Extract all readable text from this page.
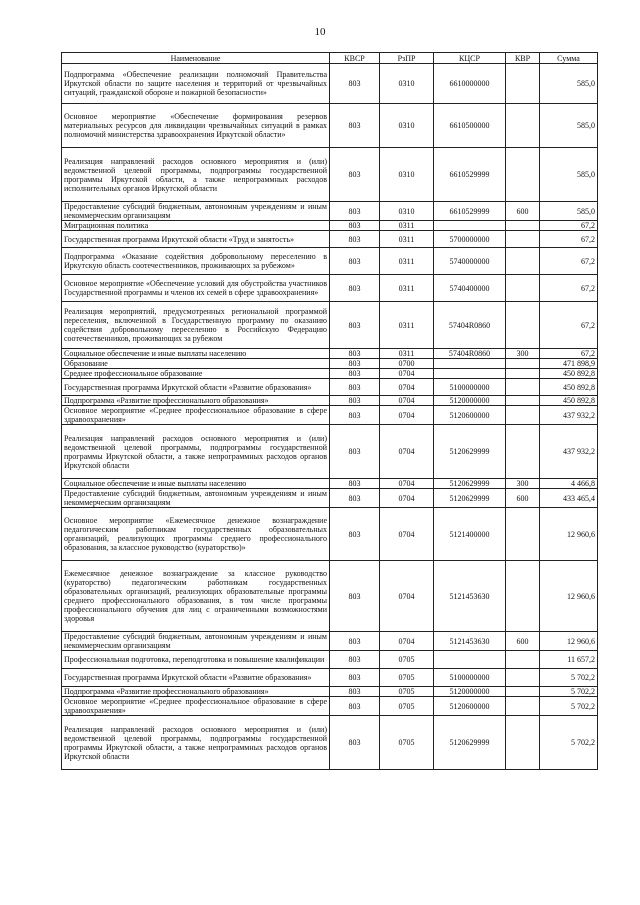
10
Наименование	КВСР	РзПР	КЦСР	КВР	Сумма
Подпрограмма «Обеспечение реализации полномочий Правительства Иркутской области по защите населения и территорий от чрезвычайных ситуаций, гражданской обороне и пожарной безопасности»	803	0310	6610000000		585,0
Основное мероприятие «Обеспечение формирования резервов материальных ресурсов для ликвидации чрезвычайных ситуаций в рамках полномочий министерства здравоохранения Иркутской области»	803	0310	6610500000		585,0
Реализация направлений расходов основного мероприятия и (или) ведомственной целевой программы, подпрограммы государственной программы Иркутской области, а также непрограммных расходов исполнительных органов Иркутской области	803	0310	6610529999		585,0
Предоставление субсидий бюджетным, автономным учреждениям и иным некоммерческим организациям	803	0310	6610529999	600	585,0
Миграционная политика	803	0311			67,2
Государственная программа Иркутской области «Труд и занятость»	803	0311	5700000000		67,2
Подпрограмма «Оказание содействия добровольному переселению в Иркутскую область соотечественников, проживающих за рубежом»	803	0311	5740000000		67,2
Основное мероприятие «Обеспечение условий для обустройства участников Государственной программы и членов их семей в сфере здравоохранения»	803	0311	5740400000		67,2
Реализация мероприятий, предусмотренных региональной программой переселения, включенной в Государственную программу по оказанию содействия добровольному переселению в Российскую Федерацию соотечественников, проживающих за рубежом	803	0311	57404R0860		67,2
Социальное обеспечение и иные выплаты населению	803	0311	57404R0860	300	67,2
Образование	803	0700			471 898,9
Среднее профессиональное образование	803	0704			450 892,8
Государственная программа Иркутской области «Развитие образования»	803	0704	5100000000		450 892,8
Подпрограмма «Развитие профессионального образования»	803	0704	5120000000		450 892,8
Основное мероприятие «Среднее профессиональное образование в сфере здравоохранения»	803	0704	5120600000		437 932,2
Реализация направлений расходов основного мероприятия и (или) ведомственной целевой программы, подпрограммы государственной программы Иркутской области, а также непрограммных расходов органов Иркутской области	803	0704	5120629999		437 932,2
Социальное обеспечение и иные выплаты населению	803	0704	5120629999	300	4 466,8
Предоставление субсидий бюджетным, автономным учреждениям и иным некоммерческим организациям	803	0704	5120629999	600	433 465,4
Основное мероприятие «Ежемесячное денежное вознаграждение педагогическим работникам государственных образовательных организаций, реализующих программы среднего профессионального образования, за классное руководство (кураторство)»	803	0704	5121400000		12 960,6
Ежемесячное денежное вознаграждение за классное руководство (кураторство) педагогическим работникам государственных образовательных организаций, реализующих образовательные программы среднего профессионального образования, в том числе программы профессионального обучения для лиц с ограниченными возможностями здоровья	803	0704	5121453630		12 960,6
Предоставление субсидий бюджетным, автономным учреждениям и иным некоммерческим организациям	803	0704	5121453630	600	12 960,6
Профессиональная подготовка, переподготовка и повышение квалификации	803	0705			11 657,2
Государственная программа Иркутской области «Развитие образования»	803	0705	5100000000		5 702,2
Подпрограмма «Развитие профессионального образования»	803	0705	5120000000		5 702,2
Основное мероприятие «Среднее профессиональное образование в сфере здравоохранения»	803	0705	5120600000		5 702,2
Реализация направлений расходов основного мероприятия и (или) ведомственной целевой программы, подпрограммы государственной программы Иркутской области, а также непрограммных расходов органов Иркутской области	803	0705	5120629999		5 702,2
